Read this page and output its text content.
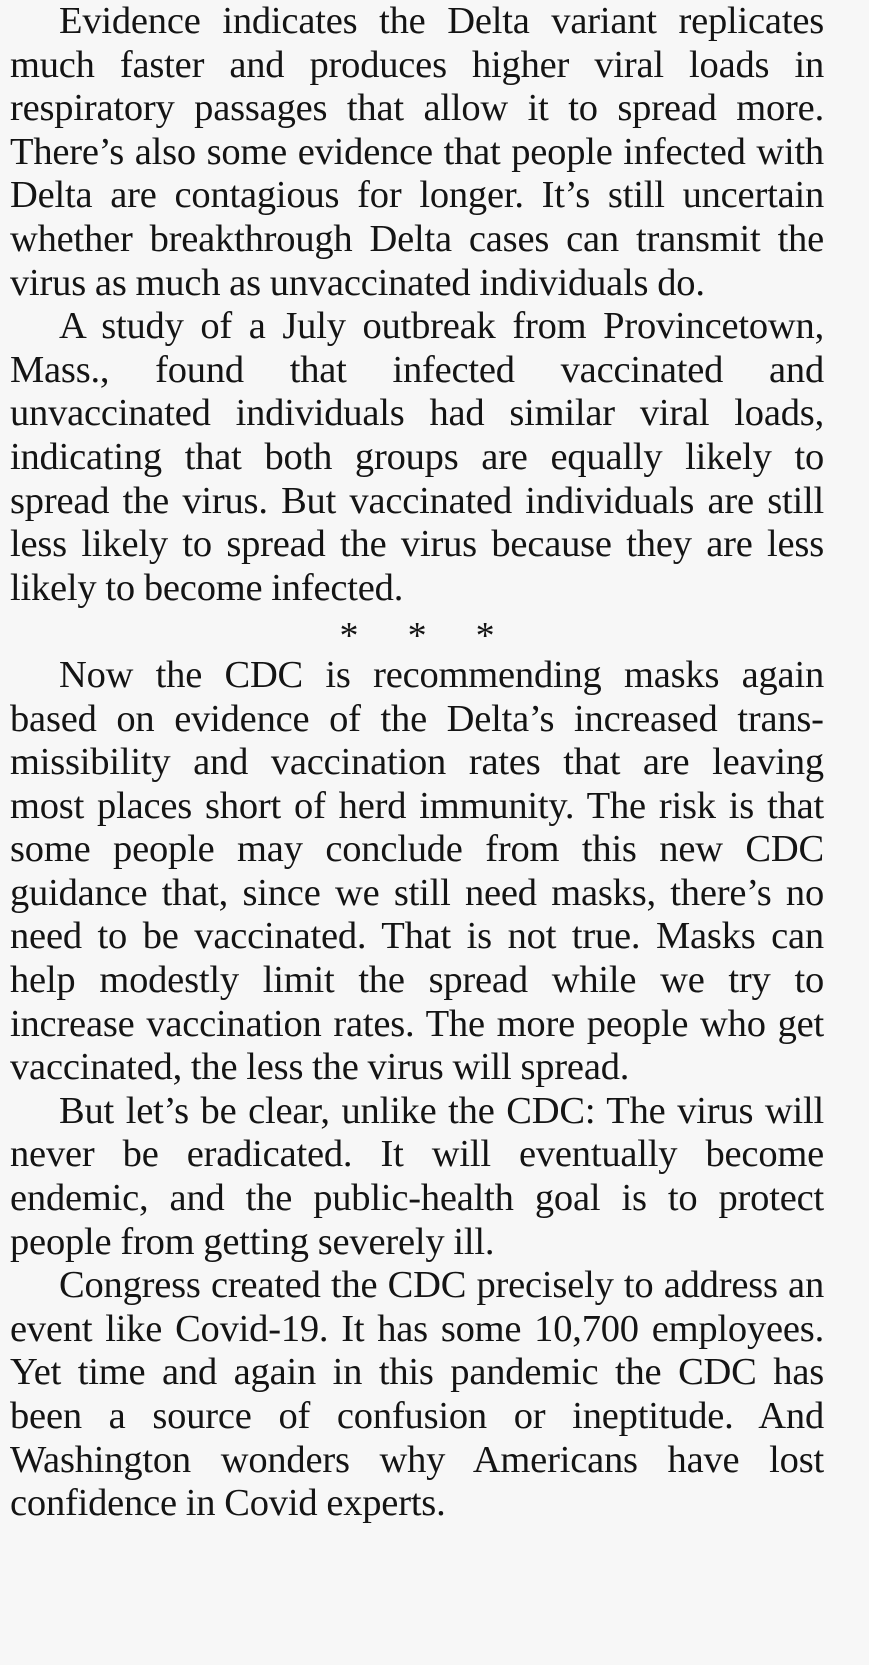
Evidence indicates the Delta variant replicates much faster and produces higher viral loads in respiratory passages that allow it to spread more. There’s also some evidence that people infected with Delta are contagious for longer. It’s still uncertain whether breakthrough Delta cases can transmit the virus as much as unvaccinated individuals do.

A study of a July outbreak from Provincetown, Mass., found that infected vaccinated and unvaccinated individuals had similar viral loads, indicating that both groups are equally likely to spread the virus. But vaccinated individuals are still less likely to spread the virus because they are less likely to become infected.

* * *

Now the CDC is recommending masks again based on evidence of the Delta’s increased transmissibility and vaccination rates that are leaving most places short of herd immunity. The risk is that some people may conclude from this new CDC guidance that, since we still need masks, there’s no need to be vaccinated. That is not true. Masks can help modestly limit the spread while we try to increase vaccination rates. The more people who get vaccinated, the less the virus will spread.

But let’s be clear, unlike the CDC: The virus will never be eradicated. It will eventually become endemic, and the public-health goal is to protect people from getting severely ill.

Congress created the CDC precisely to address an event like Covid-19. It has some 10,700 employees. Yet time and again in this pandemic the CDC has been a source of confusion or ineptitude. And Washington wonders why Americans have lost confidence in Covid experts.
